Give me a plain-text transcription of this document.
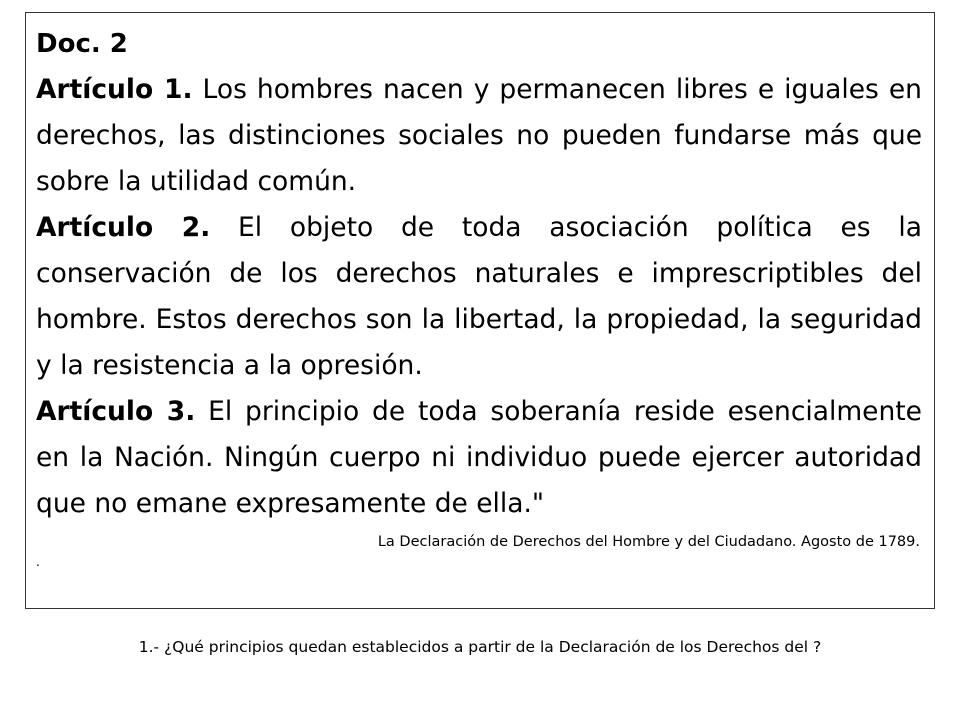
Doc. 2

Artículo 1. Los hombres nacen y permanecen libres e iguales en derechos, las distinciones sociales no pueden fundarse más que sobre la utilidad común.

Artículo 2. El objeto de toda asociación política es la conservación de los derechos naturales e imprescriptibles del hombre. Estos derechos son la libertad, la propiedad, la seguridad y la resistencia a la opresión.

Artículo 3. El principio de toda soberanía reside esencialmente en la Nación. Ningún cuerpo ni individuo puede ejercer autoridad que no emane expresamente de ella."

La Declaración de Derechos del Hombre y del Ciudadano. Agosto de 1789.

.

1.- ¿Qué principios quedan establecidos a partir de la Declaración de los Derechos del ?
